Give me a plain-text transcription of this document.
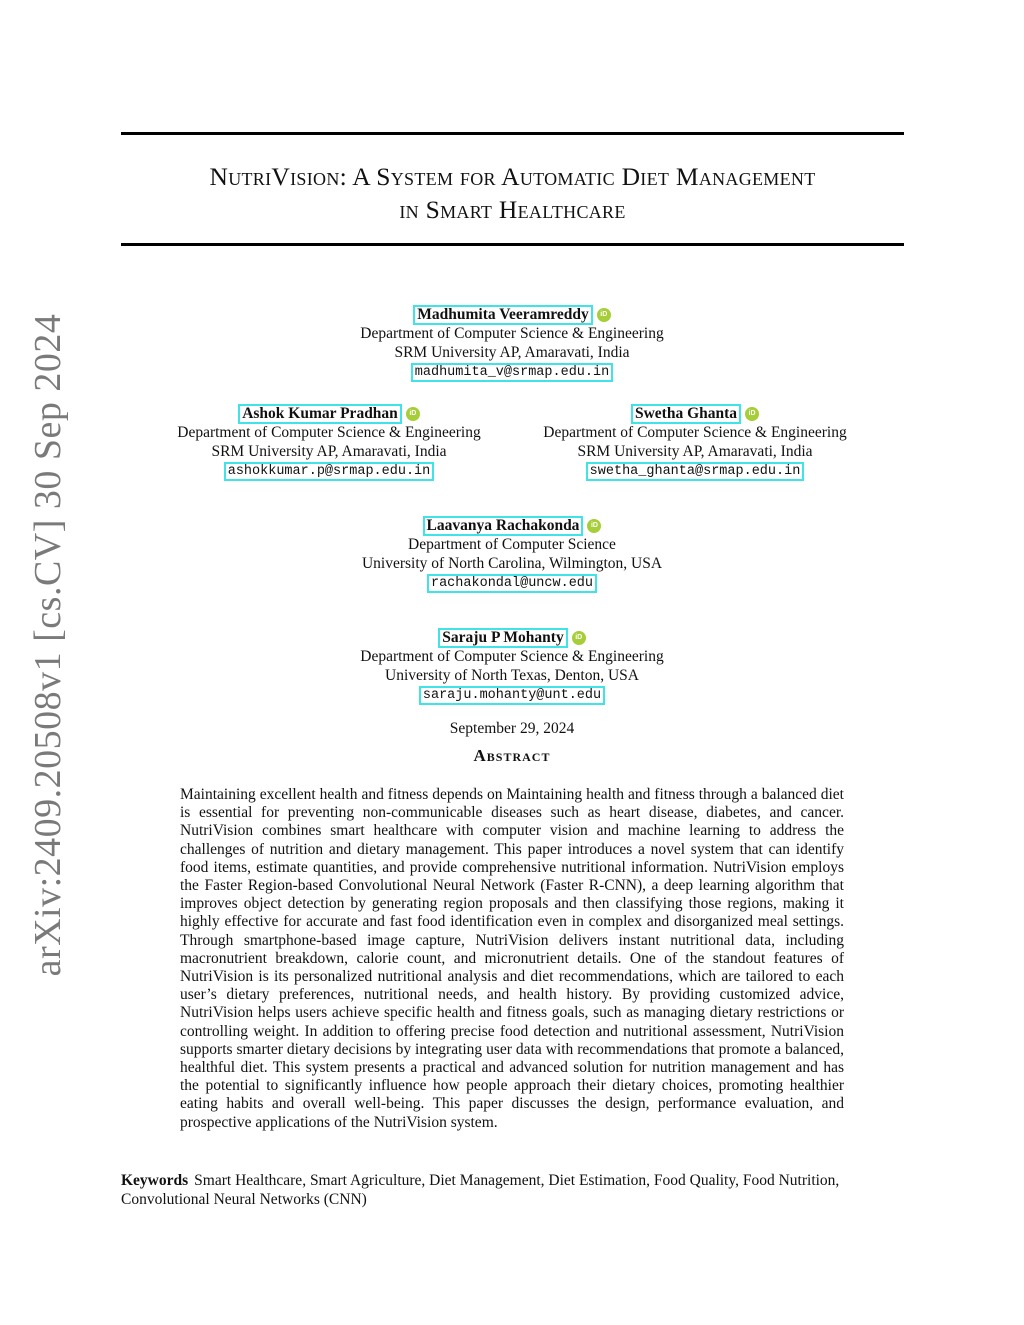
arXiv:2409.20508v1 [cs.CV] 30 Sep 2024
NutriVision: A System for Automatic Diet Management
in Smart Healthcare
Madhumita Veeramreddy	iD
Department of Computer Science & Engineering
SRM University AP, Amaravati, India
madhumita_v@srmap.edu.in
Ashok Kumar Pradhan	iD
Department of Computer Science & Engineering
SRM University AP, Amaravati, India
ashokkumar.p@srmap.edu.in
Swetha Ghanta	iD
Department of Computer Science & Engineering
SRM University AP, Amaravati, India
swetha_ghanta@srmap.edu.in
Laavanya Rachakonda	iD
Department of Computer Science
University of North Carolina, Wilmington, USA
rachakondal@uncw.edu
Saraju P Mohanty	iD
Department of Computer Science & Engineering
University of North Texas, Denton, USA
saraju.mohanty@unt.edu
September 29, 2024
Abstract

Maintaining excellent health and fitness depends on Maintaining health and fitness through a balanced diet is essential for preventing non-communicable diseases such as heart disease, diabetes, and cancer. NutriVision combines smart healthcare with computer vision and machine learning to address the challenges of nutrition and dietary management. This paper introduces a novel system that can identify food items, estimate quantities, and provide comprehensive nutritional information. NutriVision employs the Faster Region-based Convolutional Neural Network (Faster R-CNN), a deep learning algorithm that improves object detection by generating region proposals and then classifying those regions, making it highly effective for accurate and fast food identification even in complex and disorganized meal settings. Through smartphone-based image capture, NutriVision delivers instant nutritional data, including macronutrient breakdown, calorie count, and micronutrient details. One of the standout features of NutriVision is its personalized nutritional analysis and diet recommendations, which are tailored to each user’s dietary preferences, nutritional needs, and health history. By providing customized advice, NutriVision helps users achieve specific health and fitness goals, such as managing dietary restrictions or controlling weight. In addition to offering precise food detection and nutritional assessment, NutriVision supports smarter dietary decisions by integrating user data with recommendations that promote a balanced, healthful diet. This system presents a practical and advanced solution for nutrition management and has the potential to significantly influence how people approach their dietary choices, promoting healthier eating habits and overall well-being. This paper discusses the design, performance evaluation, and prospective applications of the NutriVision system.

Keywords Smart Healthcare, Smart Agriculture, Diet Management, Diet Estimation, Food Quality, Food Nutrition, Convolutional Neural Networks (CNN)
